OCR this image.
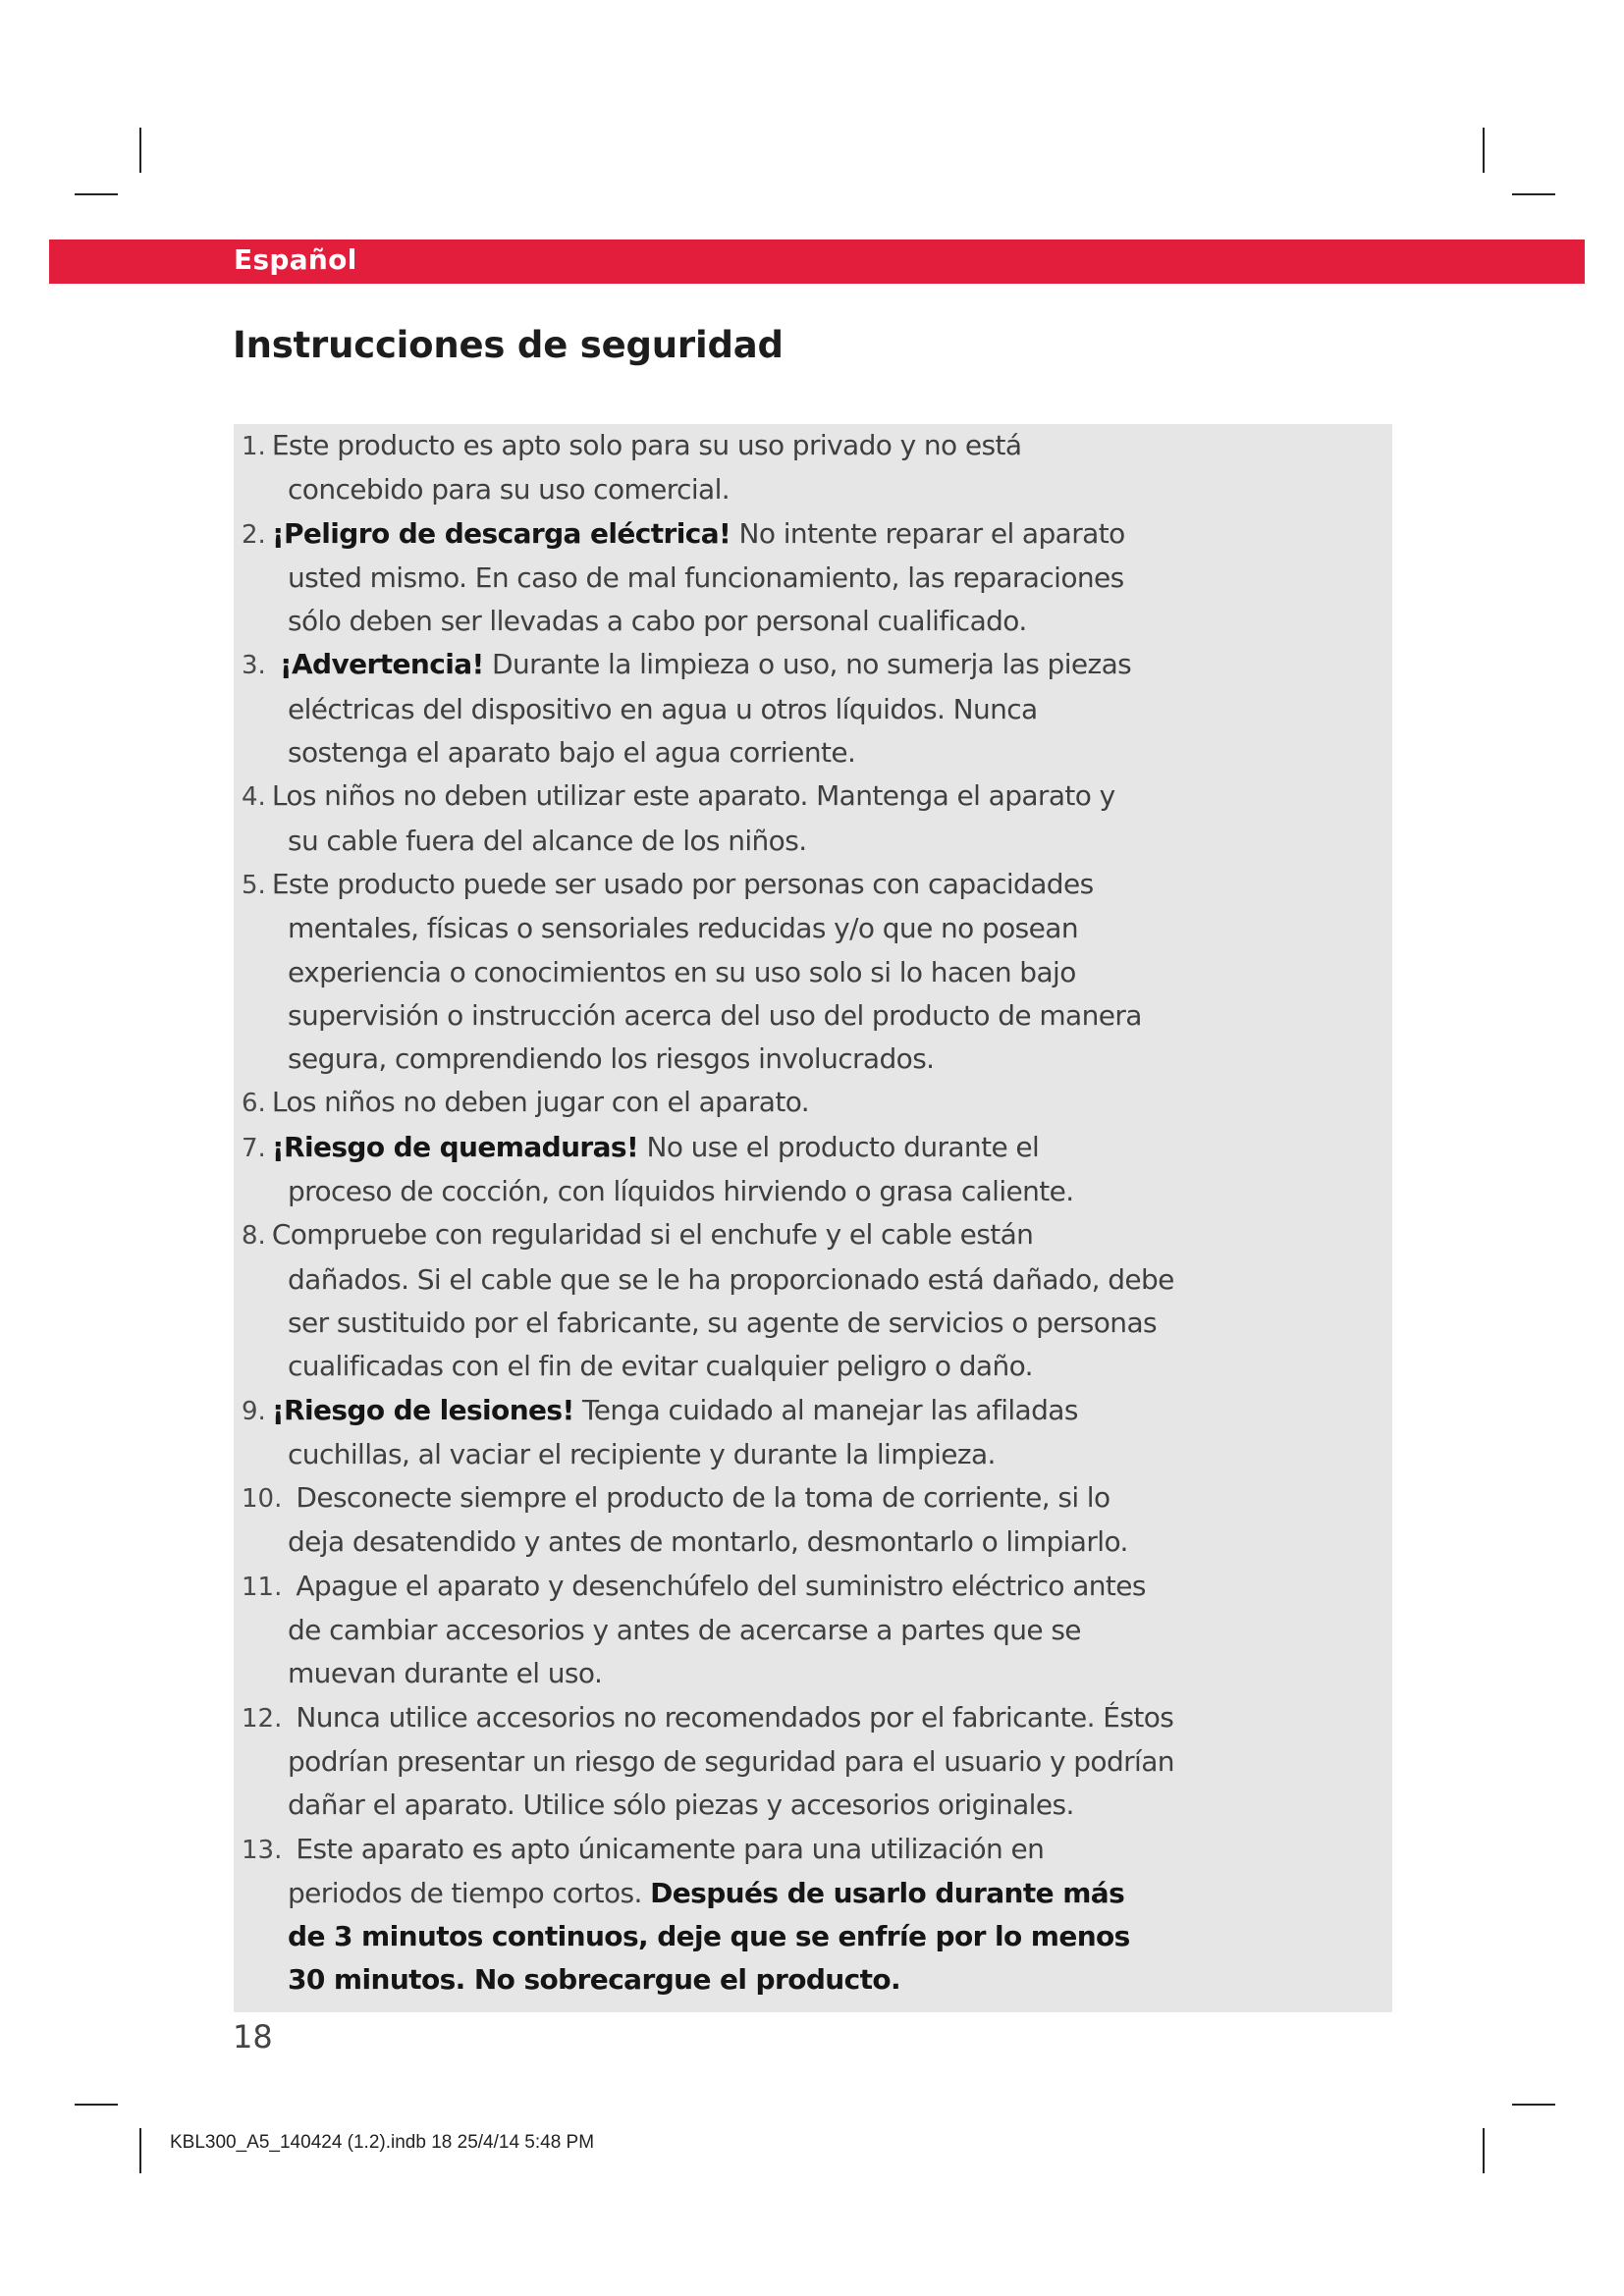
Español
Instrucciones de seguridad
1. Este producto es apto solo para su uso privado y no está
concebido para su uso comercial.
2. ¡Peligro de descarga eléctrica! No intente reparar el aparato
usted mismo. En caso de mal funcionamiento, las reparaciones
sólo deben ser llevadas a cabo por personal cualificado.
3. ¡Advertencia! Durante la limpieza o uso, no sumerja las piezas
eléctricas del dispositivo en agua u otros líquidos. Nunca
sostenga el aparato bajo el agua corriente.
4. Los niños no deben utilizar este aparato. Mantenga el aparato y
su cable fuera del alcance de los niños.
5. Este producto puede ser usado por personas con capacidades
mentales, físicas o sensoriales reducidas y/o que no posean
experiencia o conocimientos en su uso solo si lo hacen bajo
supervisión o instrucción acerca del uso del producto de manera
segura, comprendiendo los riesgos involucrados.
6. Los niños no deben jugar con el aparato.
7. ¡Riesgo de quemaduras! No use el producto durante el
proceso de cocción, con líquidos hirviendo o grasa caliente.
8. Compruebe con regularidad si el enchufe y el cable están
dañados. Si el cable que se le ha proporcionado está dañado, debe
ser sustituido por el fabricante, su agente de servicios o personas
cualificadas con el fin de evitar cualquier peligro o daño.
9. ¡Riesgo de lesiones! Tenga cuidado al manejar las afiladas
cuchillas, al vaciar el recipiente y durante la limpieza.
10. Desconecte siempre el producto de la toma de corriente, si lo
deja desatendido y antes de montarlo, desmontarlo o limpiarlo.
11. Apague el aparato y desenchúfelo del suministro eléctrico antes
de cambiar accesorios y antes de acercarse a partes que se
muevan durante el uso.
12. Nunca utilice accesorios no recomendados por el fabricante. Éstos
podrían presentar un riesgo de seguridad para el usuario y podrían
dañar el aparato. Utilice sólo piezas y accesorios originales.
13. Este aparato es apto únicamente para una utilización en
periodos de tiempo cortos. Después de usarlo durante más
de 3 minutos continuos, deje que se enfríe por lo menos
30 minutos. No sobrecargue el producto.
18
KBL300_A5_140424 (1.2).indb 18 25/4/14 5:48 PM
